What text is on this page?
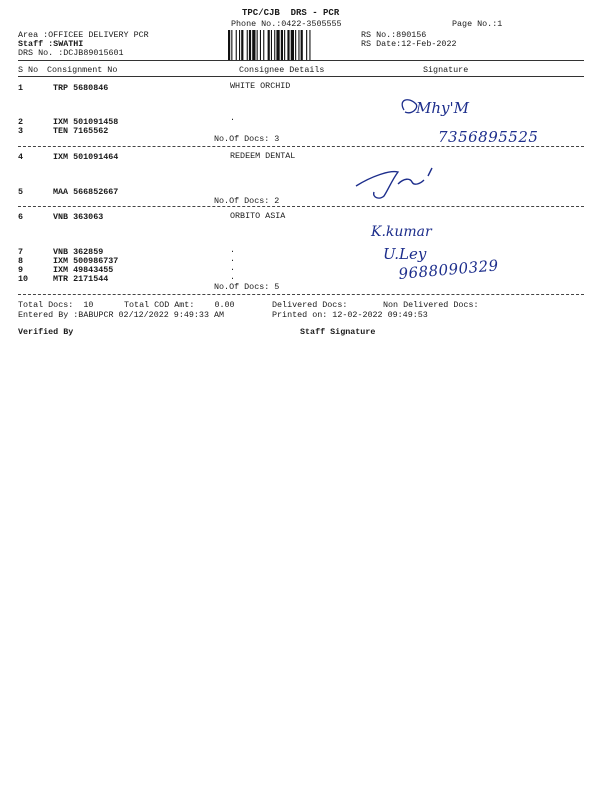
TPC/CJB  DRS - PCR
Phone No.:0422-3505555	Page No.:1
Area :OFFICEE DELIVERY PCR
Staff :SWATHI
DRS No. :DCJB89015601
RS No.:890156
RS Date:12-Feb-2022
S No Consignment No	Consignee Details	Signature
1	TRP 5680846	WHITE ORCHID
2	IXM 501091458	.
3	TEN 7165562
No.Of Docs: 3
4	IXM 501091464	REDEEM DENTAL
5	MAA 566852667
No.Of Docs: 2
6	VNB 363063	ORBITO ASIA
7	VNB 362859	.
8	IXM 500986737	.
9	IXM 49843455	.
10	MTR 2171544	.
No.Of Docs: 5
Total Docs:  10	Total COD Amt:    0.00	Delivered Docs:	Non Delivered Docs:
Entered By :BABUPCR 02/12/2022 9:49:33 AM	Printed on: 12-02-2022 09:49:53
Verified By	Staff Signature
Mhy'M
7356895525
K.kumar
U.Ley
9688090329
